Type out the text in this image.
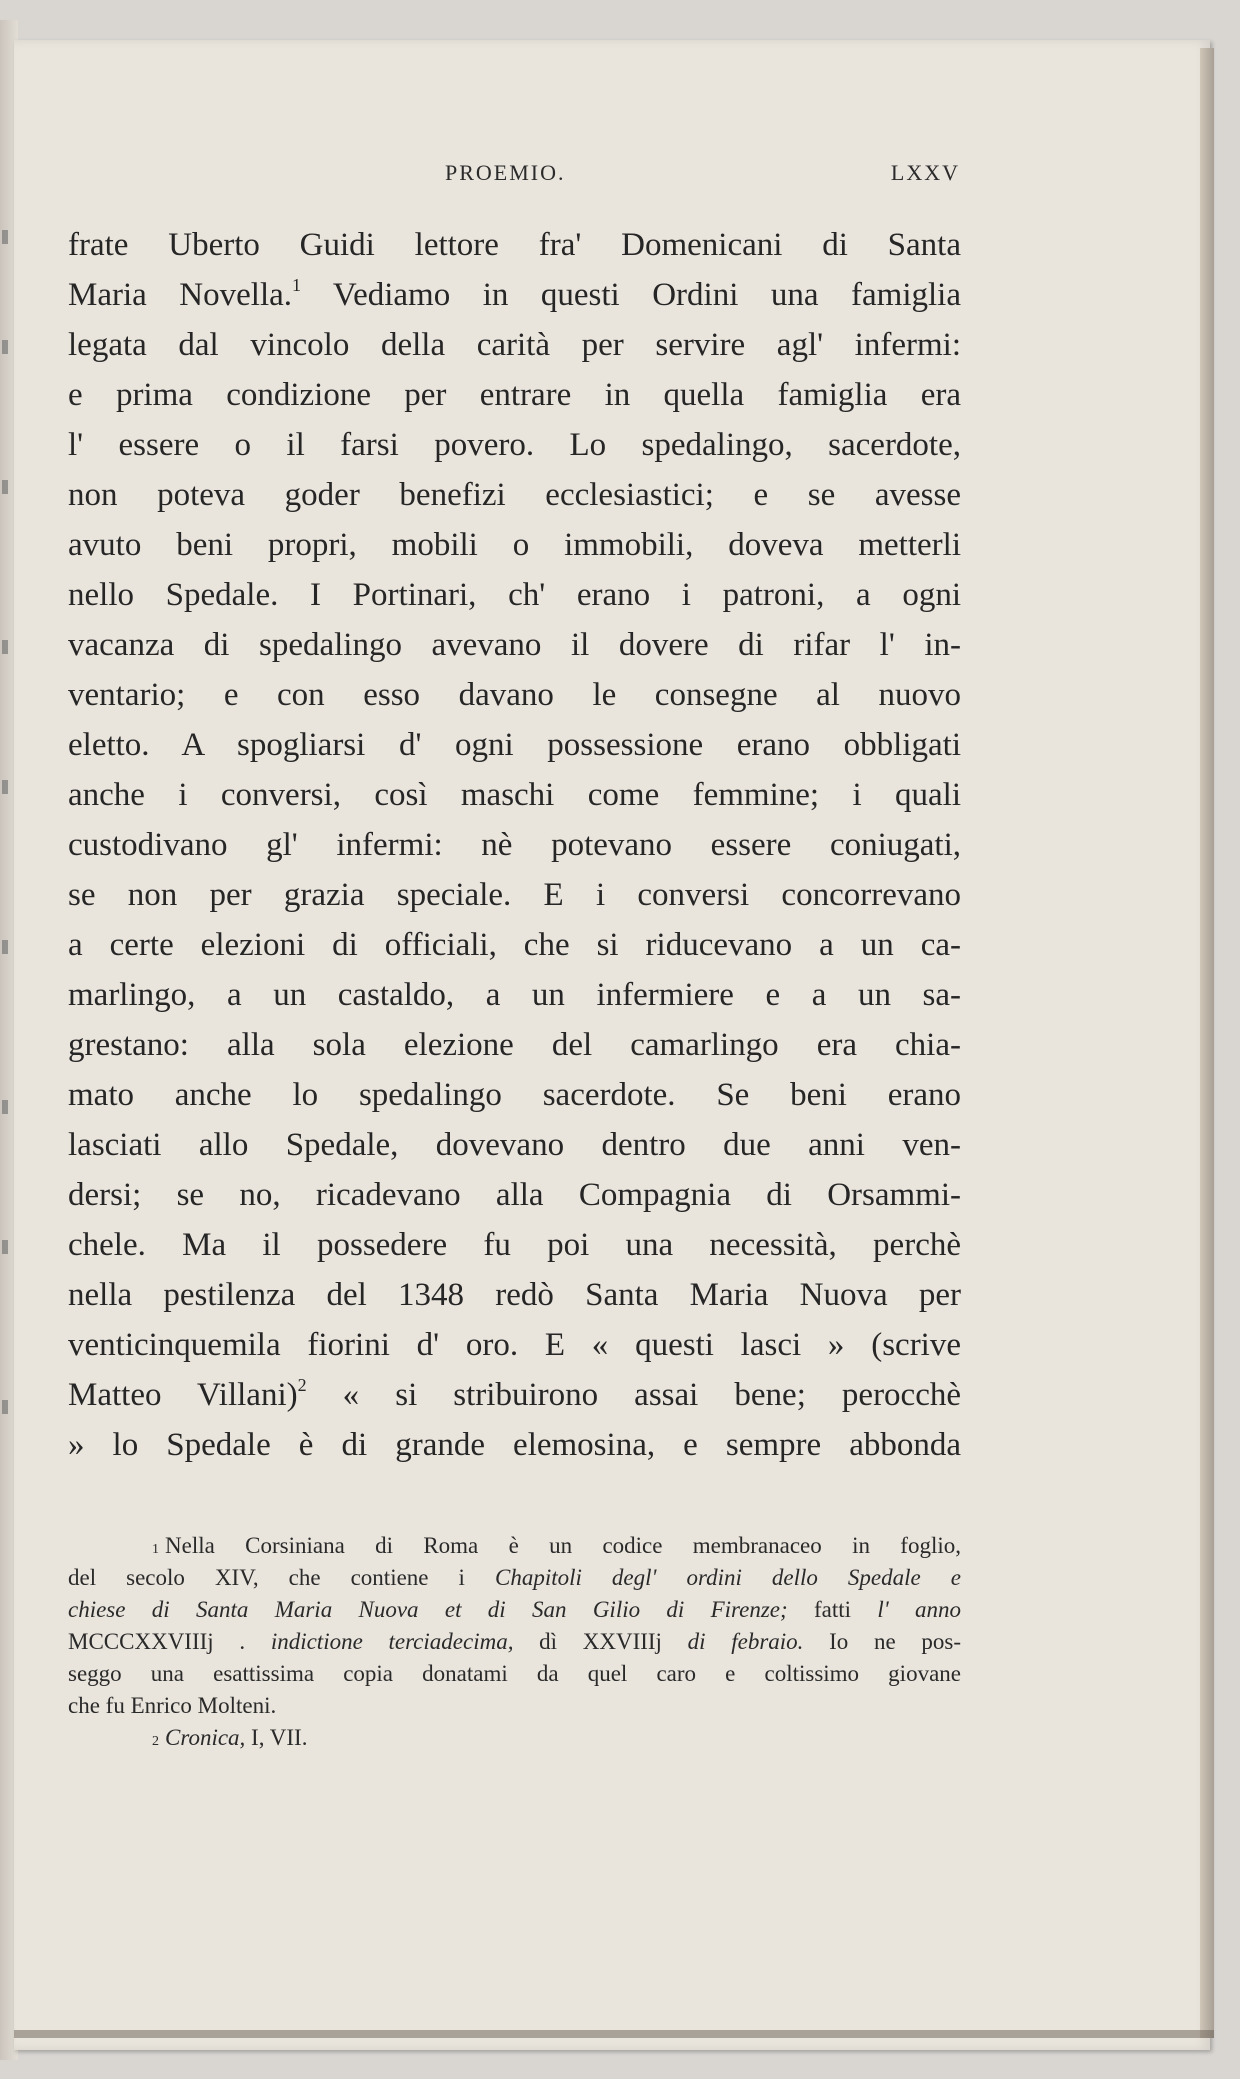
PROEMIO.	LXXV
frate Uberto Guidi lettore fra' Domenicani di Santa
Maria Novella.$^1$ Vediamo in questi Ordini una famiglia
legata dal vincolo della carità per servire agl' infermi:
e prima condizione per entrare in quella famiglia era
l' essere o il farsi povero. Lo spedalingo, sacerdote,
non poteva goder benefizi ecclesiastici; e se avesse
avuto beni propri, mobili o immobili, doveva metterli
nello Spedale. I Portinari, ch' erano i patroni, a ogni
vacanza di spedalingo avevano il dovere di rifar l' in-
ventario; e con esso davano le consegne al nuovo
eletto. A spogliarsi d' ogni possessione erano obbligati
anche i conversi, così maschi come femmine; i quali
custodivano gl' infermi: nè potevano essere coniugati,
se non per grazia speciale. E i conversi concorrevano
a certe elezioni di officiali, che si riducevano a un ca-
marlingo, a un castaldo, a un infermiere e a un sa-
grestano: alla sola elezione del camarlingo era chia-
mato anche lo spedalingo sacerdote. Se beni erano
lasciati allo Spedale, dovevano dentro due anni ven-
dersi; se no, ricadevano alla Compagnia di Orsammi-
chele. Ma il possedere fu poi una necessità, perchè
nella pestilenza del 1348 redò Santa Maria Nuova per
venticinquemila fiorini d' oro. E « questi lasci » (scrive
Matteo Villani)$^2$ « si stribuirono assai bene; perocchè
» lo Spedale è di grande elemosina, e sempre abbonda
$^1$ Nella Corsiniana di Roma è un codice membranaceo in foglio,
del secolo XIV, che contiene i Chapitoli degl' ordini dello Spedale e
chiese di Santa Maria Nuova et di San Gilio di Firenze; fatti l' anno
MCCCXXVIIIj . indictione terciadecima, dì XXVIIIj di febraio. Io ne pos-
seggo una esattissima copia donatami da quel caro e coltissimo giovane
che fu Enrico Molteni.
$^2$ Cronica, I, VII.
